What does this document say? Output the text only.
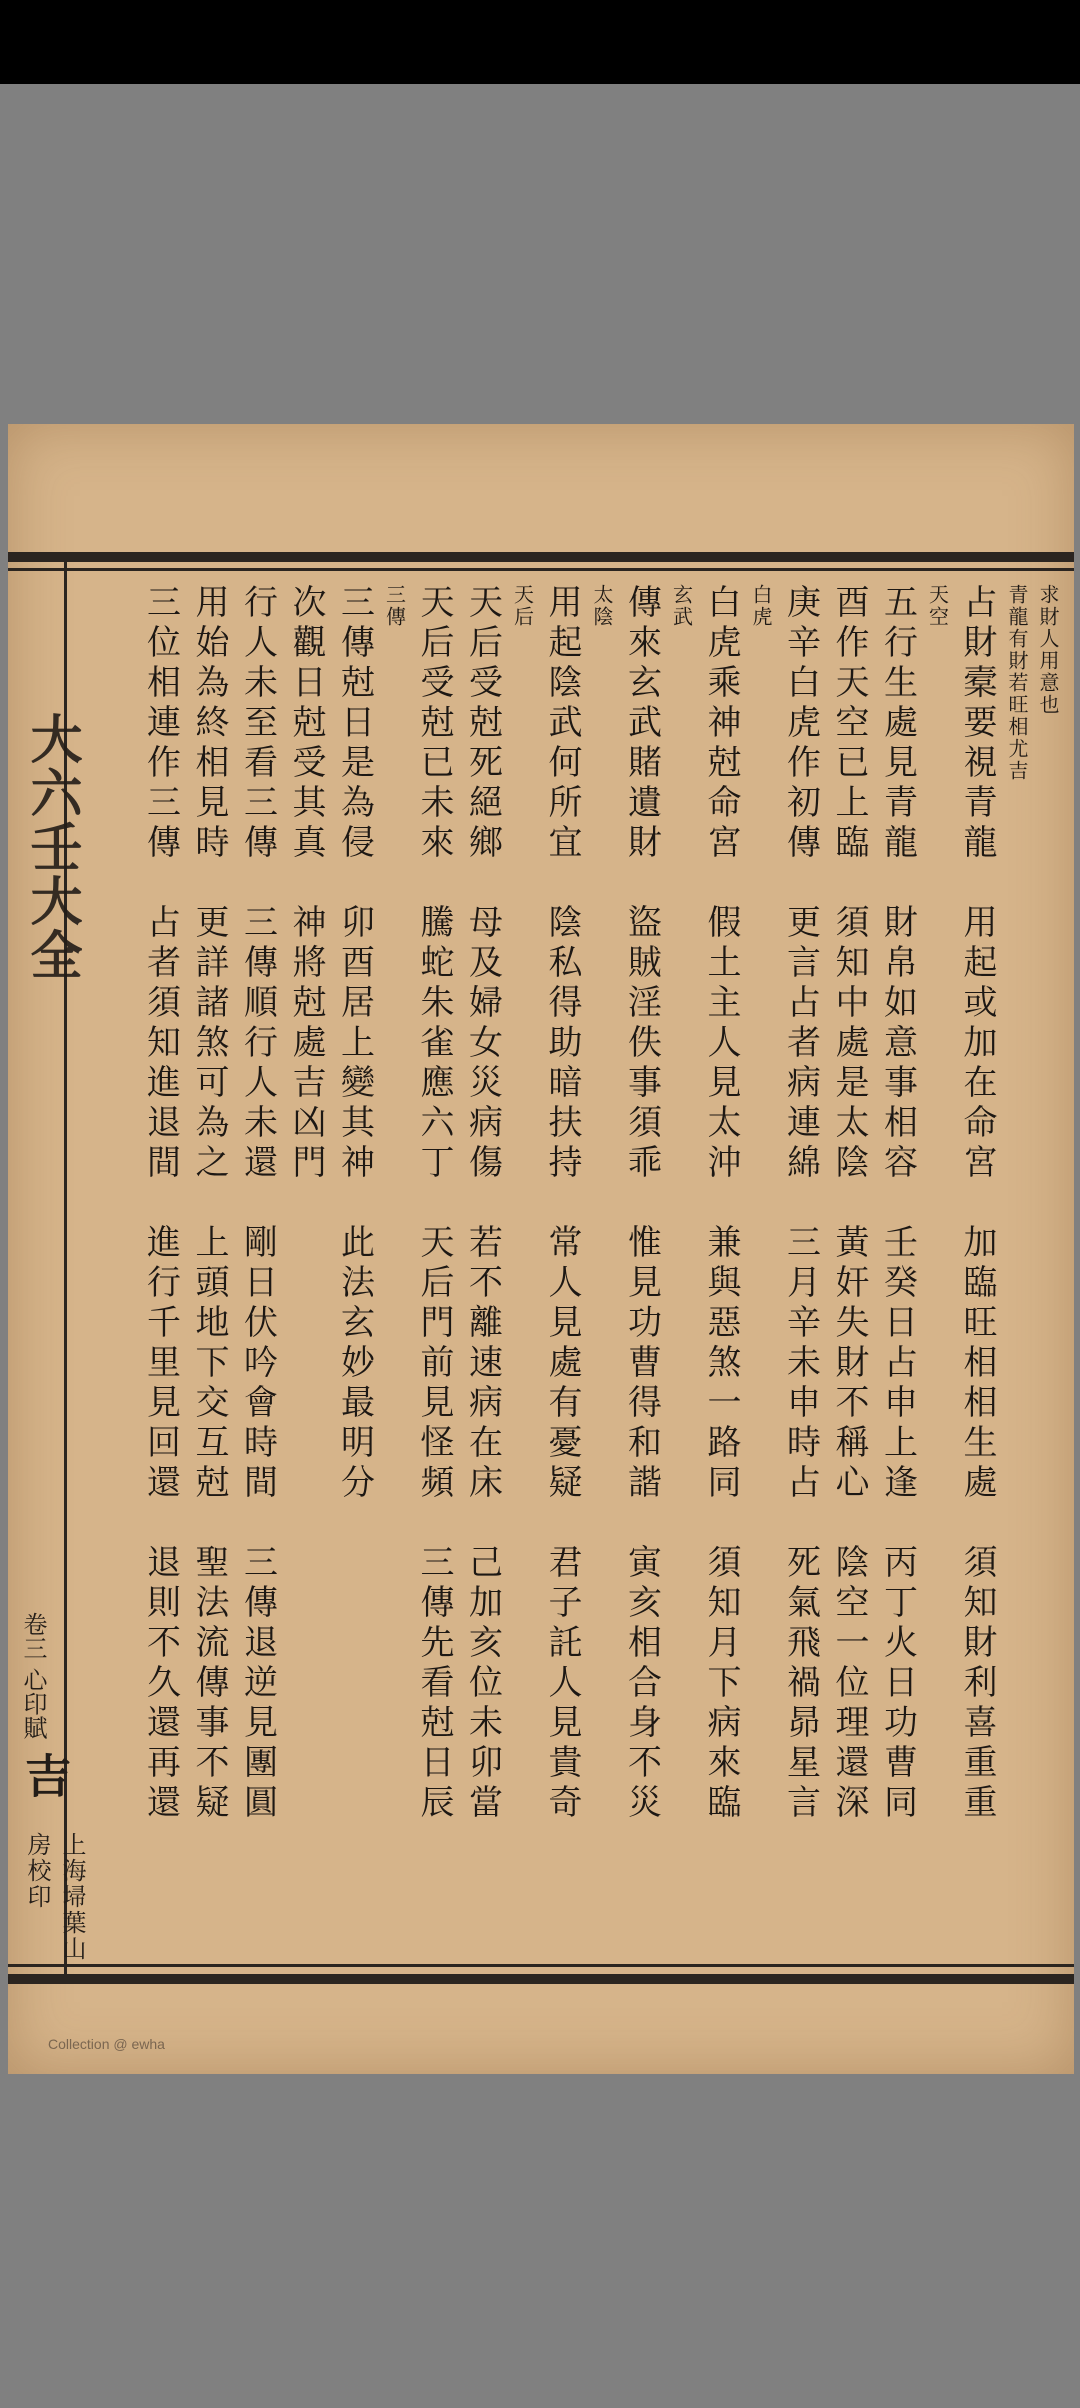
大六壬大全
卷三 心印賦
吉
上海埽葉山房校印
求財人用意也
青龍有財若旺相尤吉
占財槖要視青龍　用起或加在命宮　加臨旺相相生處　須知財利喜重重
天空
五行生處見青龍　財帛如意事相容　壬癸日占申上逢　丙丁火日功曹同
酉作天空已上臨　須知中處是太陰　黃奸失財不稱心　陰空一位理還深
庚辛白虎作初傳　更言占者病連綿　三月辛未申時占　死氣飛禍昴星言
白虎
白虎乘神尅命宮　假土主人見太沖　兼與惡煞一路同　須知月下病來臨
玄武
傳來玄武賭遺財　盜賊淫佚事須乖　惟見功曹得和諧　寅亥相合身不災
太陰
用起陰武何所宜　陰私得助暗扶持　常人見處有憂疑　君子託人見貴奇
天后
天后受尅死絕鄉　母及婦女災病傷　若不離速病在床　己加亥位未卯當
天后受尅已未來　騰蛇朱雀應六丁　天后門前見怪頻　三傳先看尅日辰
三傳
三傳尅日是為侵　卯酉居上變其神　此法玄妙最明分
次觀日尅受其真　神將尅處吉凶門
行人未至看三傳　三傳順行人未還　剛日伏吟會時間　三傳退逆見團圓
用始為終相見時　更詳諸煞可為之　上頭地下交互尅　聖法流傳事不疑
三位相連作三傳　占者須知進退間　進行千里見回還　退則不久還再還
Collection @ ewha
